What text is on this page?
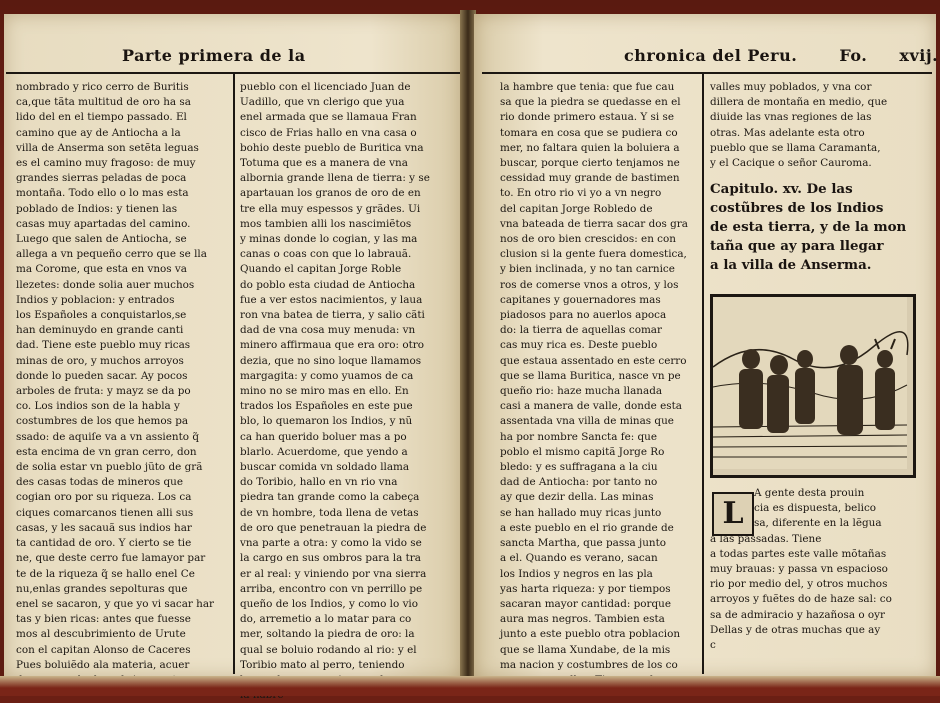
Parte primera de la
nombrado y rico cerro de Buritis
ca,que tãta multitud de oro ha sa
lido del en el tiempo passado. El
camino que ay de Antiocha a la
villa de Anserma son setẽta leguas
es el camino muy fragoso: de muy
grandes sierras peladas de poca
montaña. Todo ello o lo mas esta
poblado de Indios: y tienen las
casas muy apartadas del camino.
Luego que salen de Antiocha, se
allega a vn pequeño cerro que se lla
ma Corome, que esta en vnos va
llezetes: donde solia auer muchos
Indios y poblacion: y entrados
los Españoles a conquistarlos,se
han deminuydo en grande canti
dad. Tiene este pueblo muy ricas
minas de oro, y muchos arroyos
donde lo pueden sacar. Ay pocos
arboles de fruta: y mayz se da po
co. Los indios son de la habla y
costumbres de los que hemos pa
ssado: de aquiſe va a vn assiento q̃
esta encima de vn gran cerro, don
de solia estar vn pueblo jũto de grã
des casas todas de mineros que
cogian oro por su riqueza. Los ca
ciques comarcanos tienen alli sus
casas, y les sacauã sus indios har
ta cantidad de oro. Y cierto se tie
ne, que deste cerro fue lamayor par
te de la riqueza q̃ se hallo enel Ce
nu,enlas grandes sepolturas que
enel se sacaron, y que yo vi sacar har
tas y bien ricas: antes que fuesse
mos al descubrimiento de Urute
con el capitan Alonso de Caceres
Pues boluiẽdo ala materia, acuer
pueblo con el licenciado Juan de
Uadillo, que vn clerigo que yua
enel armada que se llamaua Fran
cisco de Frias hallo en vna casa o
bohio deste pueblo de Buritica vna
Totuma que es a manera de vna
albornia grande llena de tierra: y se
apartauan los granos de oro de en
tre ella muy espessos y grãdes. Ui
mos tambien alli los nascimiẽtos
y minas donde lo cogian, y las ma
canas o coas con que lo labrauã.
Quando el capitan Jorge Roble
do poblo esta ciudad de Antiocha
fue a ver estos nacimientos, y laua
ron vna batea de tierra, y salio cãti
dad de vna cosa muy menuda: vn
minero affirmaua que era oro: otro
dezia, que no sino loque llamamos
margagita: y como yuamos de ca
mino no se miro mas en ello. En
trados los Españoles en este pue
blo, lo quemaron los Indios, y nũ
ca han querido boluer mas a po
blarlo. Acuerdome, que yendo a
buscar comida vn soldado llama
do Toribio, hallo en vn rio vna
piedra tan grande como la cabeça
de vn hombre, toda llena de vetas
de oro que penetrauan la piedra de
vna parte a otra: y como la vido se
la cargo en sus ombros para la tra
er al real: y viniendo por vna sierra
arriba, encontro con vn perrillo pe
queño de los Indios, y como lo vio
do, arremetio a lo matar para co
mer, soltando la piedra de oro: la
qual se boluio rodando al rio: y el
Toribio mato al perro, teniendo
chronica del Peru.	Fo. xvij.
la hambre que tenia: que fue cau
sa que la piedra se quedasse en el
rio donde primero estaua. Y si se
tomara en cosa que se pudiera co
mer, no faltara quien la boluiera a
buscar, porque cierto tenjamos ne
cessidad muy grande de bastimen
to. En otro rio vi yo a vn negro
del capitan Jorge Robledo de
vna bateada de tierra sacar dos gra
nos de oro bien crescidos: en con
clusion si la gente fuera domestica,
y bien inclinada, y no tan carnice
ros de comerse vnos a otros, y los
capitanes y gouernadores mas
piadosos para no auerlos apoca
do: la tierra de aquellas comar
cas muy rica es. Deste pueblo
que estaua assentado en este cerro
que se llama Buritica, nasce vn pe
queño rio: haze mucha llanada
casi a manera de valle, donde esta
assentada vna villa de minas que
ha por nombre Sancta fe: que
poblo el mismo capitã Jorge Ro
bledo: y es suffragana a la ciu
dad de Antiocha: por tanto no
ay que dezir della. Las minas
se han hallado muy ricas junto
a este pueblo en el rio grande de
sancta Martha, que passa junto
a el. Quando es verano, sacan
los Indios y negros en las pla
yas harta riqueza: y por tiempos
sacaran mayor cantidad: porque
aura mas negros. Tambien esta
junto a este pueblo otra poblacion
que se llama Xundabe, de la mis
ma nacion y costumbres de los co
valles muy poblados, y vna cor
dillera de montaña en medio, que
diuide las vnas regiones de las
otras. Mas adelante esta otro
pueblo que se llama Caramanta,
y el Cacique o señor Cauroma.
Capitulo. xv. De las
costũbres de los Indios
de esta tierra, y de la mon
taña que ay para llegar
a la villa de Anserma.
L
A gente desta prouin
cia es dispuesta, belico
sa, diferente en la lẽgua
a las passadas. Tiene
a todas partes este valle mõtañas
muy brauas: y passa vn espacioso
rio por medio del, y otros muchos
arroyos y fuẽtes do de haze sal: co
sa de admiracio y hazañosa o oyr
Dellas y de otras muchas que ay
c
